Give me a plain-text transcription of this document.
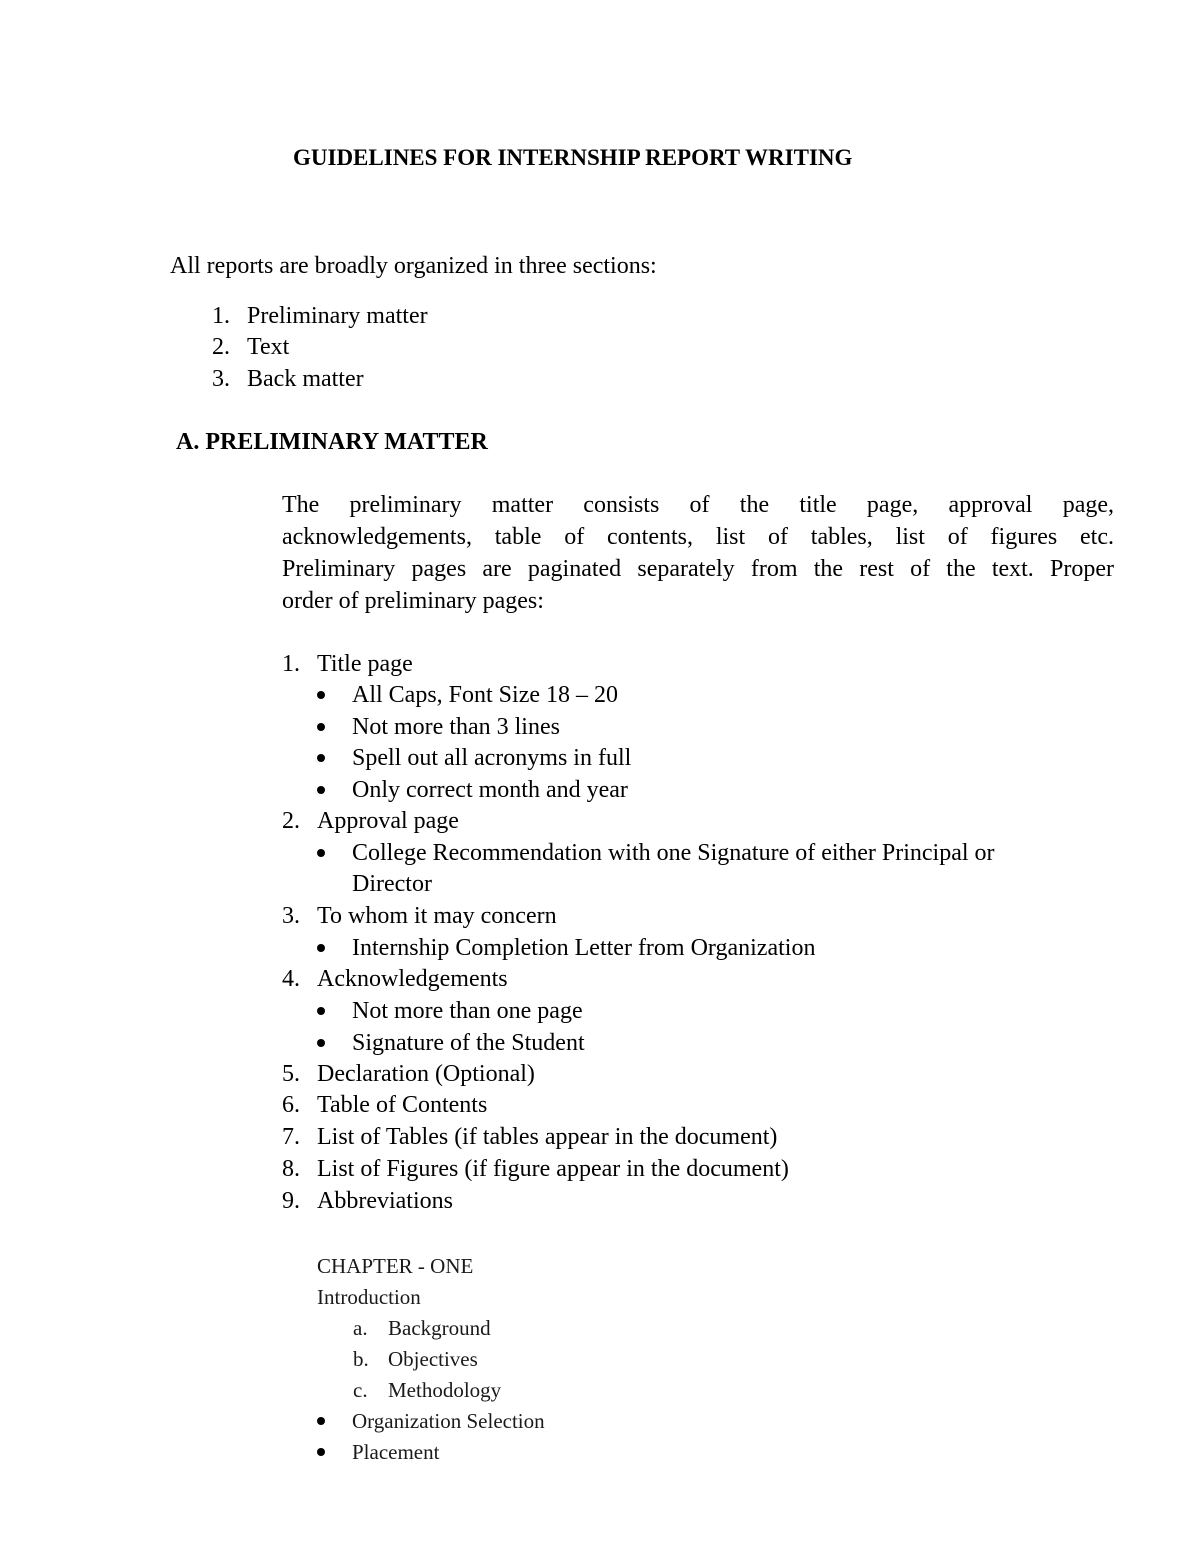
GUIDELINES FOR INTERNSHIP REPORT WRITING

All reports are broadly organized in three sections:

1. Preliminary matter

2. Text

3. Back matter

A. PRELIMINARY MATTER

The preliminary matter consists of the title page, approval page,
acknowledgements, table of contents, list of tables, list of figures etc.
Preliminary pages are paginated separately from the rest of the text. Proper
order of preliminary pages:

1. Title page

All Caps, Font Size 18 – 20

Not more than 3 lines

Spell out all acronyms in full

Only correct month and year

2. Approval page

College Recommendation with one Signature of either Principal or

Director

3. To whom it may concern

Internship Completion Letter from Organization

4. Acknowledgements

Not more than one page

Signature of the Student

5. Declaration (Optional)

6. Table of Contents

7. List of Tables (if tables appear in the document)

8. List of Figures (if figure appear in the document)

9. Abbreviations

CHAPTER - ONE

Introduction

a. Background

b. Objectives

c. Methodology

Organization Selection

Placement
